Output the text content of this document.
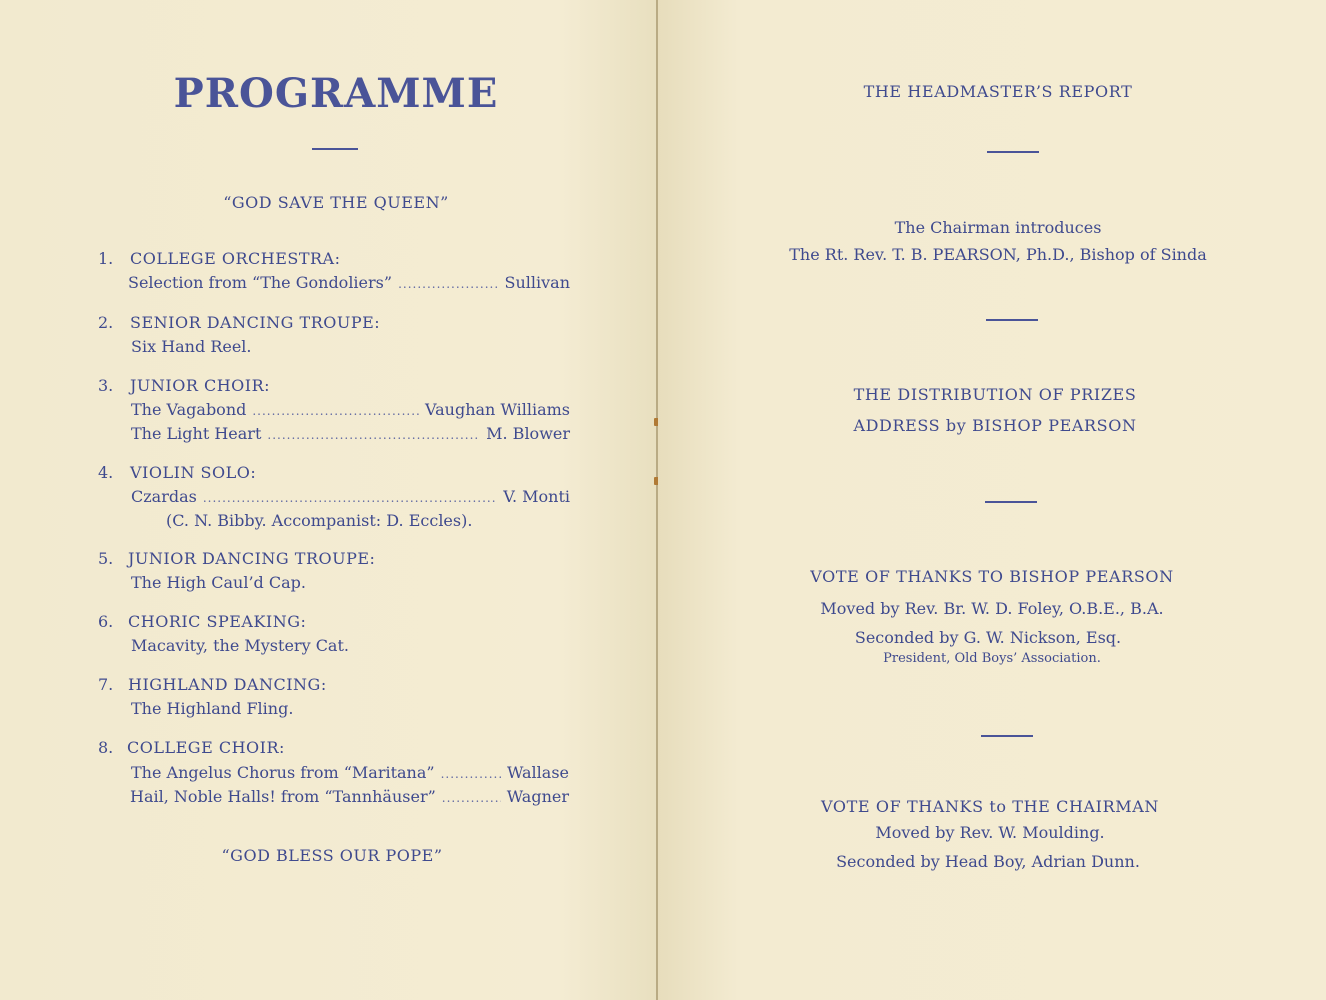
PROGRAMME
“GOD SAVE THE QUEEN”
1. COLLEGE ORCHESTRA:
Selection from “The Gondoliers” .....	Sullivan
2. SENIOR DANCING TROUPE:
Six Hand Reel.
3. JUNIOR CHOIR:
The Vagabond .....	Vaughan Williams
The Light Heart .....	M. Blower
4. VIOLIN SOLO:
Czardas .....	V. Monti
(C. N. Bibby. Accompanist: D. Eccles).
5. JUNIOR DANCING TROUPE:
The High Caul’d Cap.
6. CHORIC SPEAKING:
Macavity, the Mystery Cat.
7. HIGHLAND DANCING:
The Highland Fling.
8. COLLEGE CHOIR:
The Angelus Chorus from “Maritana” .....	Wallase
Hail, Noble Halls! from “Tannhäuser” .....	Wagner
“GOD BLESS OUR POPE”
THE HEADMASTER’S REPORT
The Chairman introduces
The Rt. Rev. T. B. PEARSON, Ph.D., Bishop of Sinda
THE DISTRIBUTION OF PRIZES
ADDRESS by BISHOP PEARSON
VOTE OF THANKS TO BISHOP PEARSON
Moved by Rev. Br. W. D. Foley, O.B.E., B.A.
Seconded by G. W. Nickson, Esq.
President, Old Boys’ Association.
VOTE OF THANKS to THE CHAIRMAN
Moved by Rev. W. Moulding.
Seconded by Head Boy, Adrian Dunn.
